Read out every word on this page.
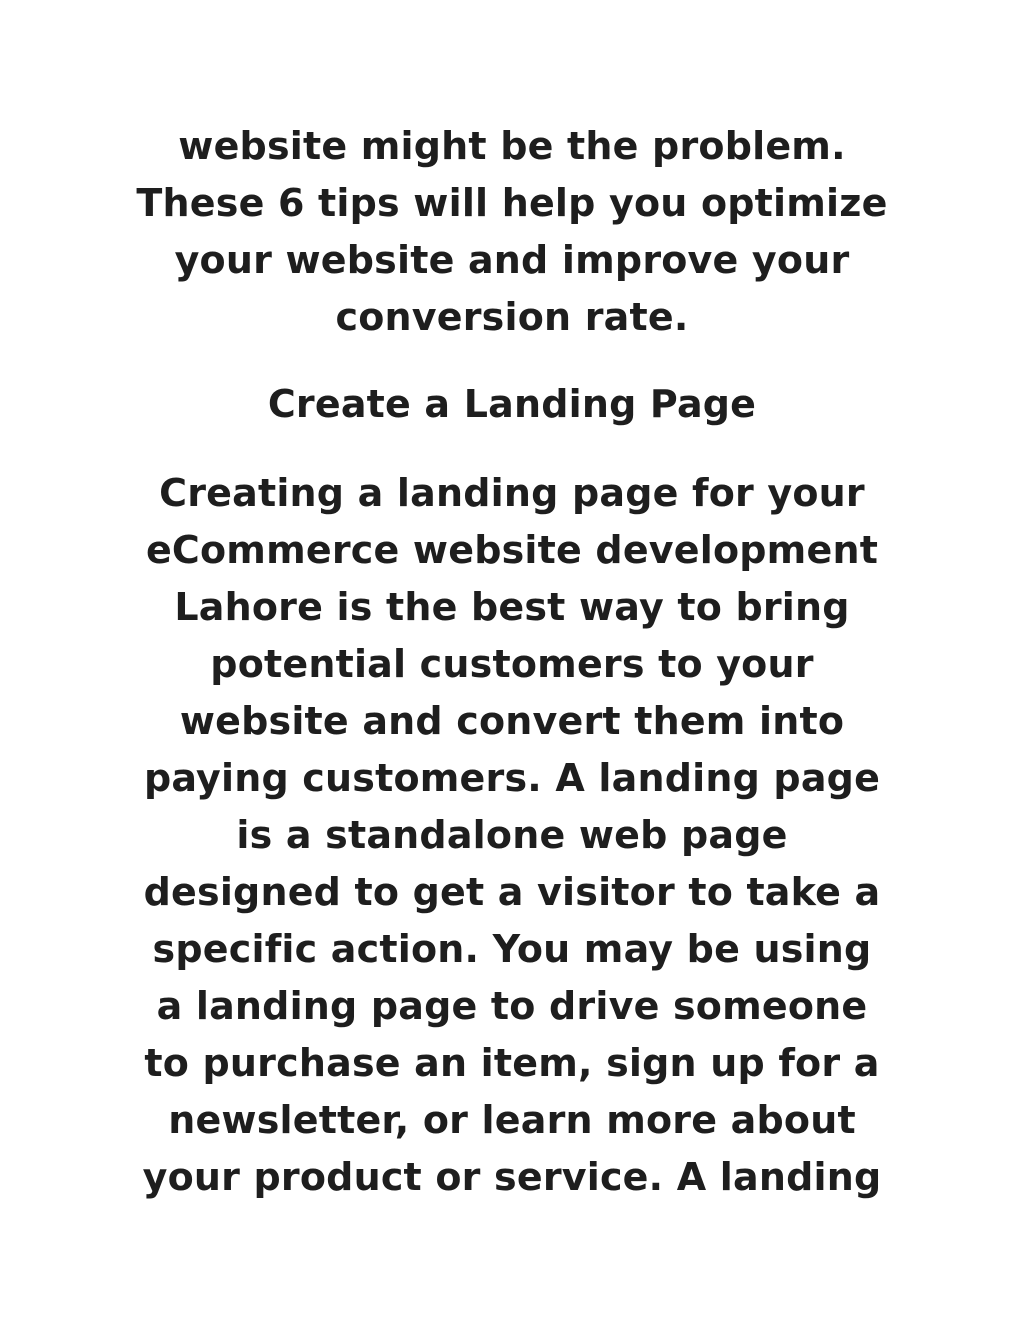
website might be the problem.
These 6 tips will help you optimize
your website and improve your
conversion rate.

Create a Landing Page

Creating a landing page for your
eCommerce website development
Lahore is the best way to bring
potential customers to your
website and convert them into
paying customers. A landing page
is a standalone web page
designed to get a visitor to take a
specific action. You may be using
a landing page to drive someone
to purchase an item, sign up for a
newsletter, or learn more about
your product or service. A landing
